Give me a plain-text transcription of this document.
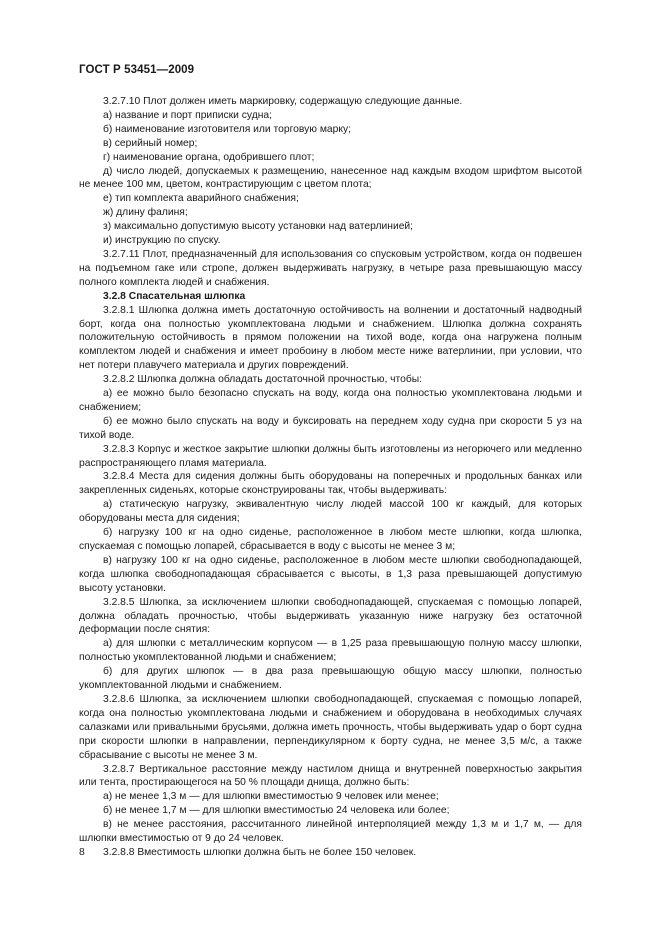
ГОСТ Р 53451—2009

3.2.7.10 Плот должен иметь маркировку, содержащую следующие данные.

а) название и порт приписки судна;

б) наименование изготовителя или торговую марку;

в) серийный номер;

г) наименование органа, одобрившего плот;

д) число людей, допускаемых к размещению, нанесенное над каждым входом шрифтом высотой не менее 100 мм, цветом, контрастирующим с цветом плота;

е) тип комплекта аварийного снабжения;

ж) длину фалиня;

з) максимально допустимую высоту установки над ватерлинией;

и) инструкцию по спуску.

3.2.7.11 Плот, предназначенный для использования со спусковым устройством, когда он подвешен на подъемном гаке или стропе, должен выдерживать нагрузку, в четыре раза превышающую массу полного комплекта людей и снабжения.

3.2.8 Спасательная шлюпка

3.2.8.1 Шлюпка должна иметь достаточную остойчивость на волнении и достаточный надводный борт, когда она полностью укомплектована людьми и снабжением. Шлюпка должна сохранять положительную остойчивость в прямом положении на тихой воде, когда она нагружена полным комплектом людей и снабжения и имеет пробоину в любом месте ниже ватерлинии, при условии, что нет потери плавучего материала и других повреждений.

3.2.8.2 Шлюпка должна обладать достаточной прочностью, чтобы:

а) ее можно было безопасно спускать на воду, когда она полностью укомплектована людьми и снабжением;

б) ее можно было спускать на воду и буксировать на переднем ходу судна при скорости 5 уз на тихой воде.

3.2.8.3 Корпус и жесткое закрытие шлюпки должны быть изготовлены из негорючего или медленно распространяющего пламя материала.

3.2.8.4 Места для сидения должны быть оборудованы на поперечных и продольных банках или закрепленных сиденьях, которые сконструированы так, чтобы выдерживать:

а) статическую нагрузку, эквивалентную числу людей массой 100 кг каждый, для которых оборудованы места для сидения;

б) нагрузку 100 кг на одно сиденье, расположенное в любом месте шлюпки, когда шлюпка, спускаемая с помощью лопарей, сбрасывается в воду с высоты не менее 3 м;

в) нагрузку 100 кг на одно сиденье, расположенное в любом месте шлюпки свободнопадающей, когда шлюпка свободнопадающая сбрасывается с высоты, в 1,3 раза превышающей допустимую высоту установки.

3.2.8.5 Шлюпка, за исключением шлюпки свободнопадающей, спускаемая с помощью лопарей, должна обладать прочностью, чтобы выдерживать указанную ниже нагрузку без остаточной деформации после снятия:

а) для шлюпки с металлическим корпусом — в 1,25 раза превышающую полную массу шлюпки, полностью укомплектованной людьми и снабжением;

б) для других шлюпок — в два раза превышающую общую массу шлюпки, полностью укомплектованной людьми и снабжением.

3.2.8.6 Шлюпка, за исключением шлюпки свободнопадающей, спускаемая с помощью лопарей, когда она полностью укомплектована людьми и снабжением и оборудована в необходимых случаях салазками или привальными брусьями, должна иметь прочность, чтобы выдерживать удар о борт судна при скорости шлюпки в направлении, перпендикулярном к борту судна, не менее 3,5 м/с, а также сбрасывание с высоты не менее 3 м.

3.2.8.7 Вертикальное расстояние между настилом днища и внутренней поверхностью закрытия или тента, простирающегося на 50 % площади днища, должно быть:

а) не менее 1,3 м — для шлюпки вместимостью 9 человек или менее;

б) не менее 1,7 м — для шлюпки вместимостью 24 человека или более;

в) не менее расстояния, рассчитанного линейной интерполяцией между 1,3 м и 1,7 м, — для шлюпки вместимостью от 9 до 24 человек.

3.2.8.8 Вместимость шлюпки должна быть не более 150 человек.

8
